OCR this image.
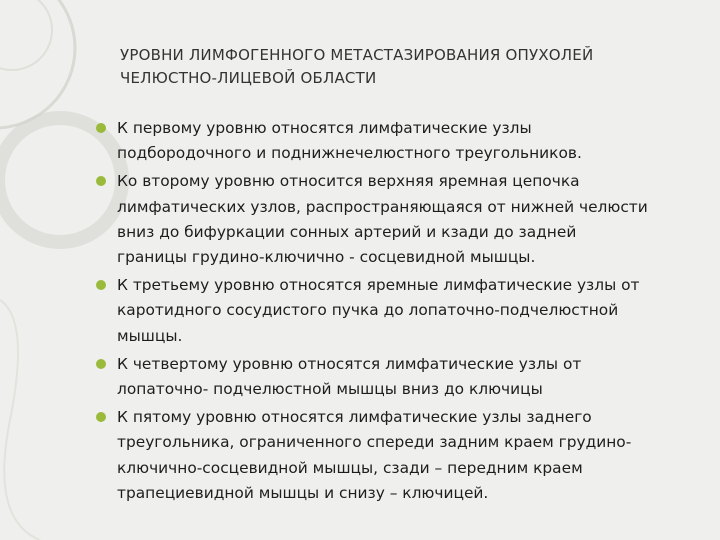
УРОВНИ ЛИМФОГЕННОГО МЕТАСТАЗИРОВАНИЯ ОПУХОЛЕЙ
ЧЕЛЮСТНО-ЛИЦЕВОЙ ОБЛАСТИ
К первому уровню относятся лимфатические узлы
подбородочного и поднижнечелюстного треугольников.
Ко второму уровню относится верхняя яремная цепочка
лимфатических узлов, распространяющаяся от нижней челюсти
вниз до бифуркации сонных артерий и кзади до задней
границы грудино-ключично - сосцевидной мышцы.
К третьему уровню относятся яремные лимфатические узлы от
каротидного сосудистого пучка до лопаточно-подчелюстной
мышцы.
К четвертому уровню относятся лимфатические узлы от
лопаточно- подчелюстной мышцы вниз до ключицы
К пятому уровню относятся лимфатические узлы заднего
треугольника, ограниченного спереди задним краем грудино-
ключично-сосцевидной мышцы, сзади – передним краем
трапециевидной мышцы и снизу – ключицей.
